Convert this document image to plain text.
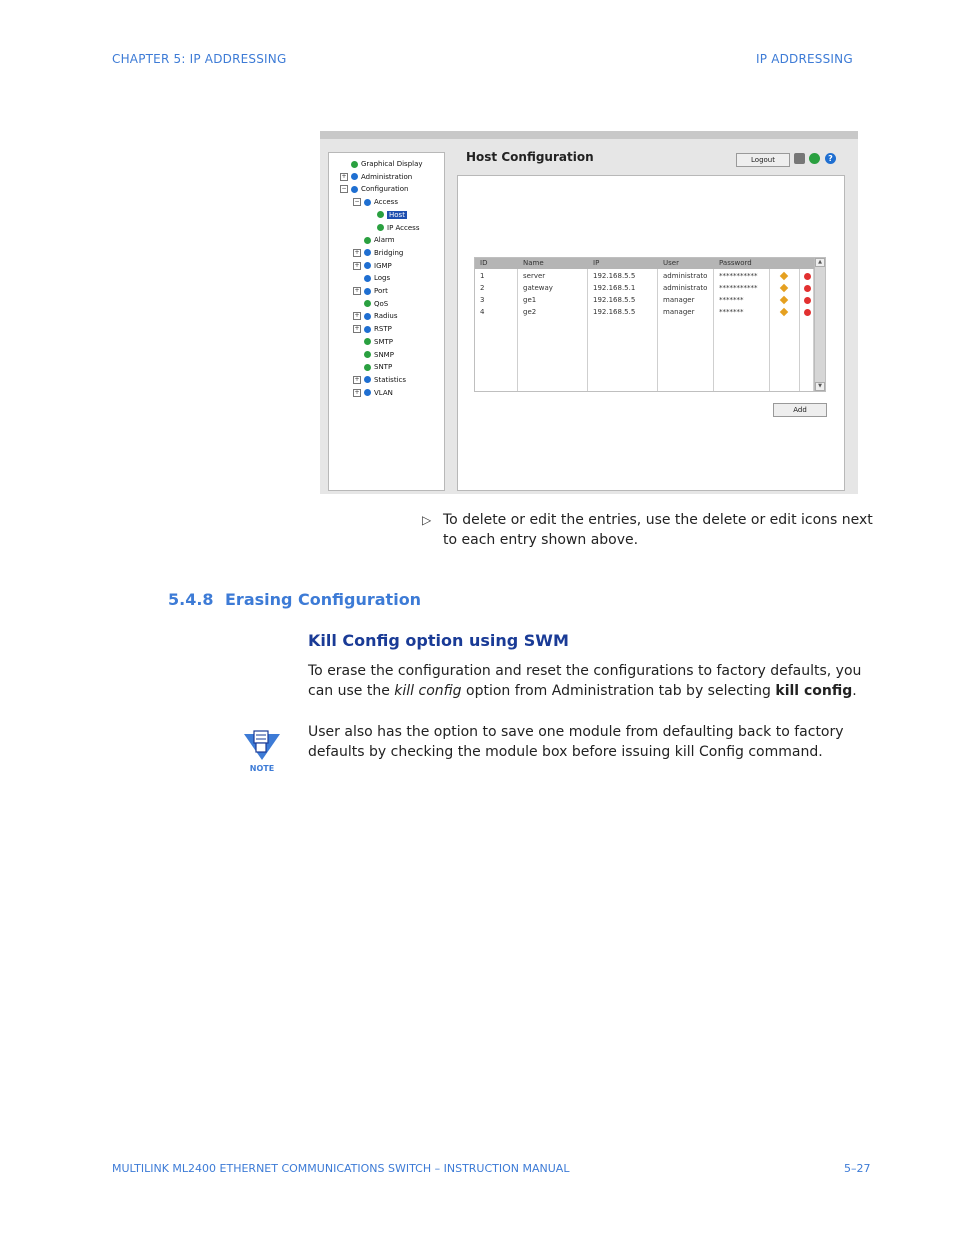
CHAPTER 5: IP ADDRESSING	IP ADDRESSING
Graphical Display
+ Administration
− Configuration
− Access
Host
IP Access
Alarm
+ Bridging
+ IGMP
Logs
+ Port
QoS
+ Radius
+ RSTP
SMTP
SNMP
SNTP
+ Statistics
+ VLAN
Host Configuration	Logout	?
▲
▼
ID	Name	IP	User	Password
1	server	192.168.5.5	administrato ***********
2	gateway	192.168.5.1	administrato ***********
3	ge1	192.168.5.5	manager	*******
4	ge2	192.168.5.5	manager	*******
Add
▷ To delete or edit the entries, use the delete or edit icons next to each entry shown above.
5.4.8 Erasing Configuration
Kill Config option using SWM
To erase the configuration and reset the configurations to factory defaults, you can use the kill config option from Administration tab by selecting kill config.
NOTE
User also has the option to save one module from defaulting back to factory defaults by checking the module box before issuing kill Config command.
MULTILINK ML2400 ETHERNET COMMUNICATIONS SWITCH – INSTRUCTION MANUAL	5–27
